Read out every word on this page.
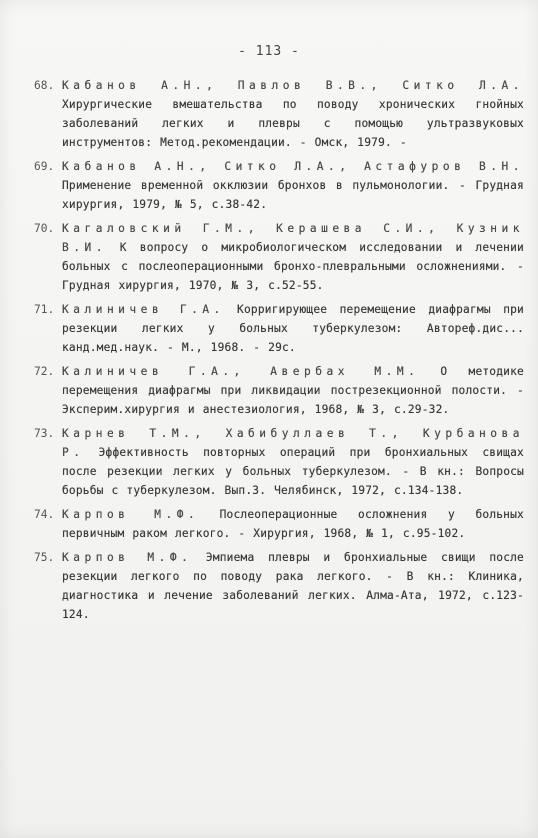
- 113 -
68. Кабанов А.Н., Павлов В.В., Ситко Л.А. Хирургические вмешательства по поводу хронических гнойных заболеваний легких и плевры с помощью ультразвуковых инструментов: Метод.рекомендации. - Омск, 1979. -
69. Кабанов А.Н., Ситко Л.А., Астафуров В.Н. Применение временной окклюзии бронхов в пульмонологии. - Грудная хирургия, 1979, № 5, с.38-42.
70. Кагаловский Г.М., Керашева С.И., Кузник В.И. К вопросу о микробиологическом исследовании и лечении больных с послеоперационными бронхо-плевральными осложнениями. - Грудная хирургия, 1970, № 3, с.52-55.
71. Калиничев Г.А. Корригирующее перемещение диафрагмы при резекции легких у больных туберкулезом: Автореф.дис... канд.мед.наук. - М., 1968. - 29с.
72. Калиничев Г.А., Авербах М.М. О методике перемещения диафрагмы при ликвидации пострезекционной полости. - Эксперим.хирургия и анестезиология, 1968, № 3, с.29-32.
73. Карнев Т.М., Хабибуллаев Т., Курбанова Р. Эффективность повторных операций при бронхиальных свищах после резекции легких у больных туберкулезом. - В кн.: Вопросы борьбы с туберкулезом. Вып.3. Челябинск, 1972, с.134-138.
74. Карпов М.Ф. Послеоперационные осложнения у больных первичным раком легкого. - Хирургия, 1968, № 1, с.95-102.
75. Карпов М.Ф. Эмпиема плевры и бронхиальные свищи после резекции легкого по поводу рака легкого. - В кн.: Клиника, диагностика и лечение заболеваний легких. Алма-Ата, 1972, с.123-124.
